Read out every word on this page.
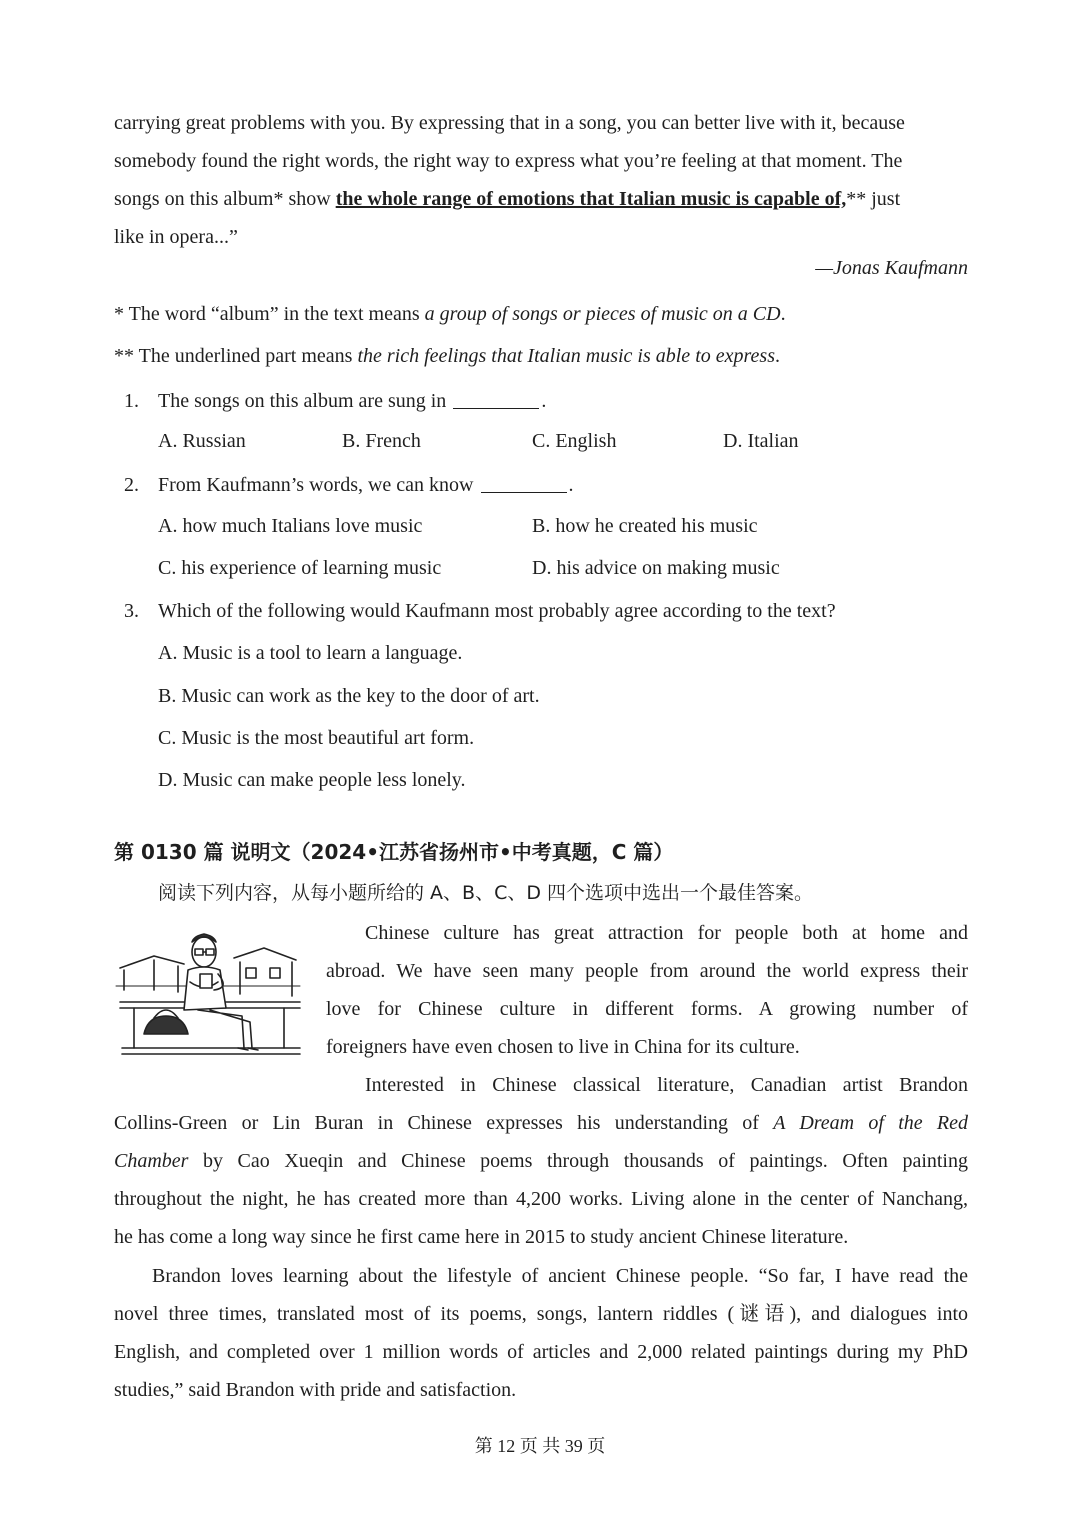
carrying great problems with you. By expressing that in a song, you can better live with it, because
somebody found the right words, the right way to express what you’re feeling at that moment. The
songs on this album* show the whole range of emotions that Italian music is capable of,** just
like in opera...”
—Jonas Kaufmann
* The word “album” in the text means a group of songs or pieces of music on a CD.
** The underlined part means the rich feelings that Italian music is able to express.
1. The songs on this album are sung in	.
A. Russian	B. French	C. English	D. Italian
2. From Kaufmann’s words, we can know	.
A. how much Italians love music	B. how he created his music
C. his experience of learning music	D. his advice on making music
3. Which of the following would Kaufmann most probably agree according to the text?
A. Music is a tool to learn a language.
B. Music can work as the key to the door of art.
C. Music is the most beautiful art form.
D. Music can make people less lonely.
第 0130 篇 说明文（2024•江苏省扬州市•中考真题，C 篇）
阅读下列内容，从每小题所给的 A、B、C、D 四个选项中选出一个最佳答案。
Chinese culture has great attraction for people both at home and
abroad. We have seen many people from around the world express their
love for Chinese culture in different forms. A growing number of
foreigners have even chosen to live in China for its culture.
Interested in Chinese classical literature, Canadian artist Brandon
Collins-Green or Lin Buran in Chinese expresses his understanding of A Dream of the Red
Chamber by Cao Xueqin and Chinese poems through thousands of paintings. Often painting
throughout the night, he has created more than 4,200 works. Living alone in the center of Nanchang,
he has come a long way since he first came here in 2015 to study ancient Chinese literature.
Brandon loves learning about the lifestyle of ancient Chinese people. “So far, I have read the
novel three times, translated most of its poems, songs, lantern riddles (谜语), and dialogues into
English, and completed over 1 million words of articles and 2,000 related paintings during my PhD
studies,” said Brandon with pride and satisfaction.
第 12 页 共 39 页
